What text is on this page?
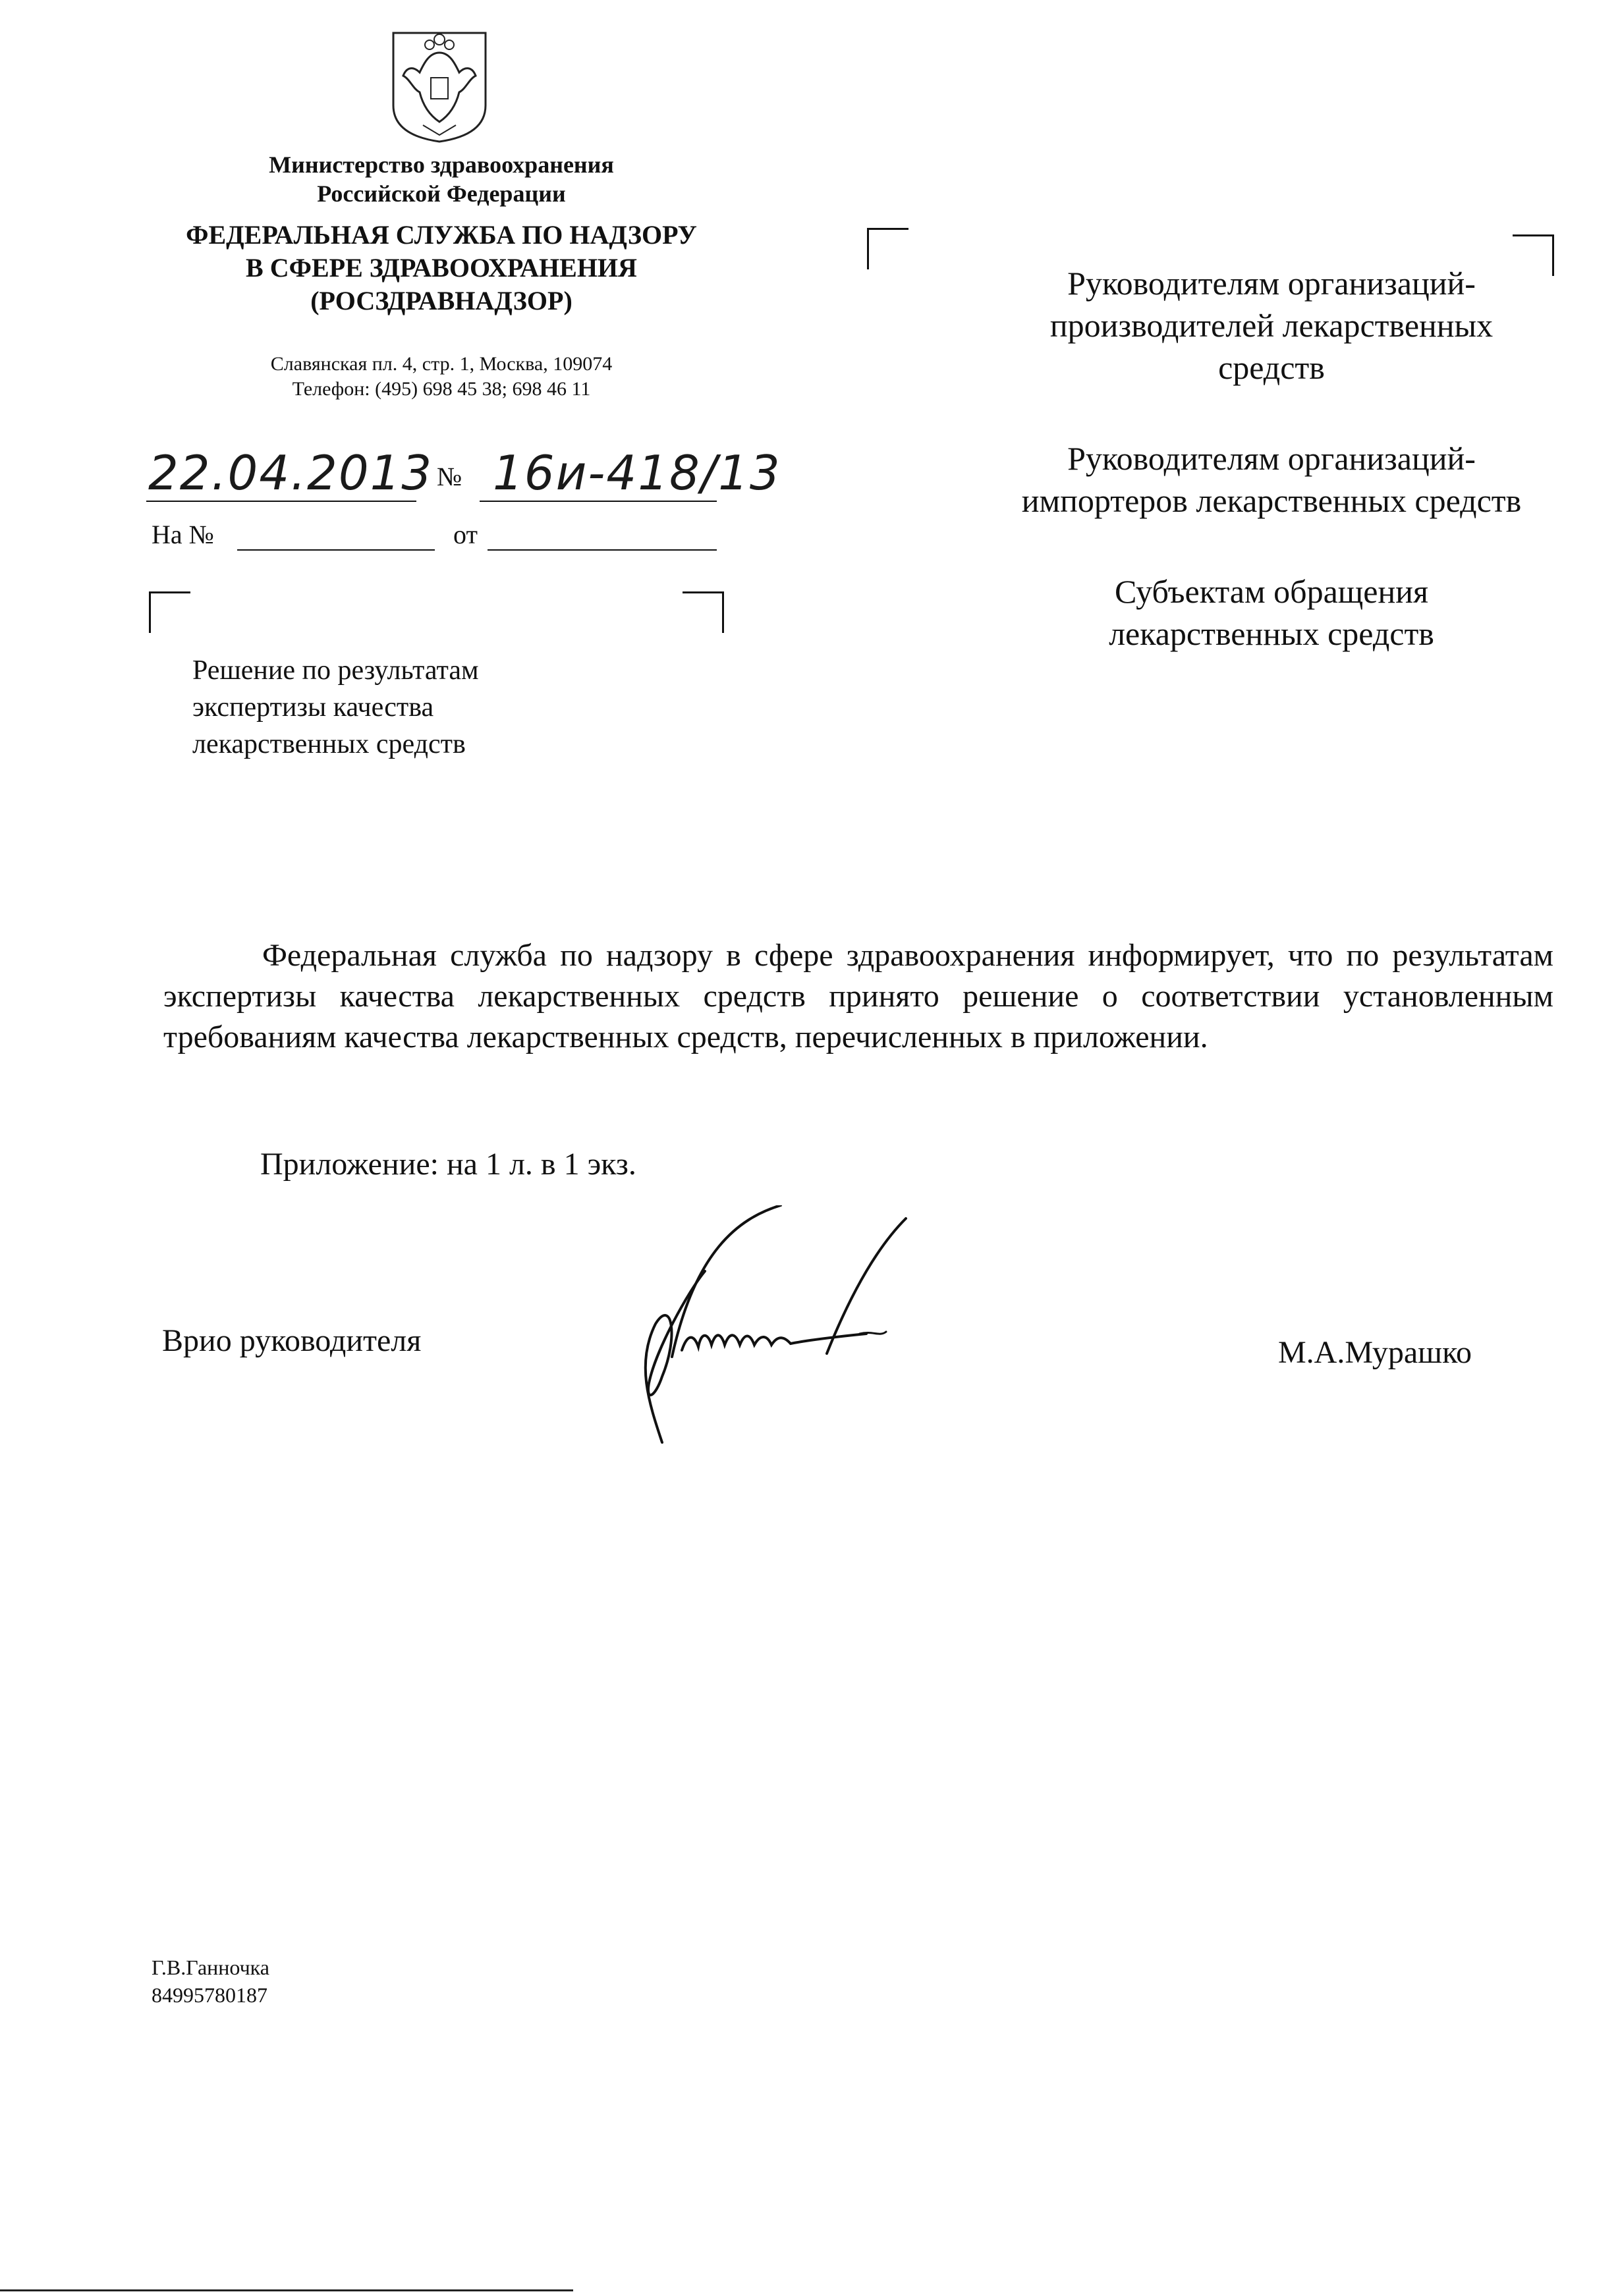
Министерство здравоохранения
Российской Федерации
ФЕДЕРАЛЬНАЯ СЛУЖБА ПО НАДЗОРУ
В СФЕРЕ ЗДРАВООХРАНЕНИЯ
(РОСЗДРАВНАДЗОР)
Славянская пл. 4, стр. 1, Москва, 109074
Телефон: (495) 698 45 38; 698 46 11
22.04.2013 № 16и-418/13
На №	от
Решение по результатам
экспертизы качества
лекарственных средств
Руководителям организаций-
производителей лекарственных
средств
Руководителям организаций-
импортеров лекарственных средств
Субъектам обращения
лекарственных средств

Федеральная служба по надзору в сфере здравоохранения информирует, что по результатам экспертизы качества лекарственных средств принято решение о соответствии установленным требованиям качества лекарственных средств, перечисленных в приложении.

Приложение: на 1 л. в 1 экз.
Врио руководителя	М.А.Мурашко
Г.В.Ганночка
84995780187
